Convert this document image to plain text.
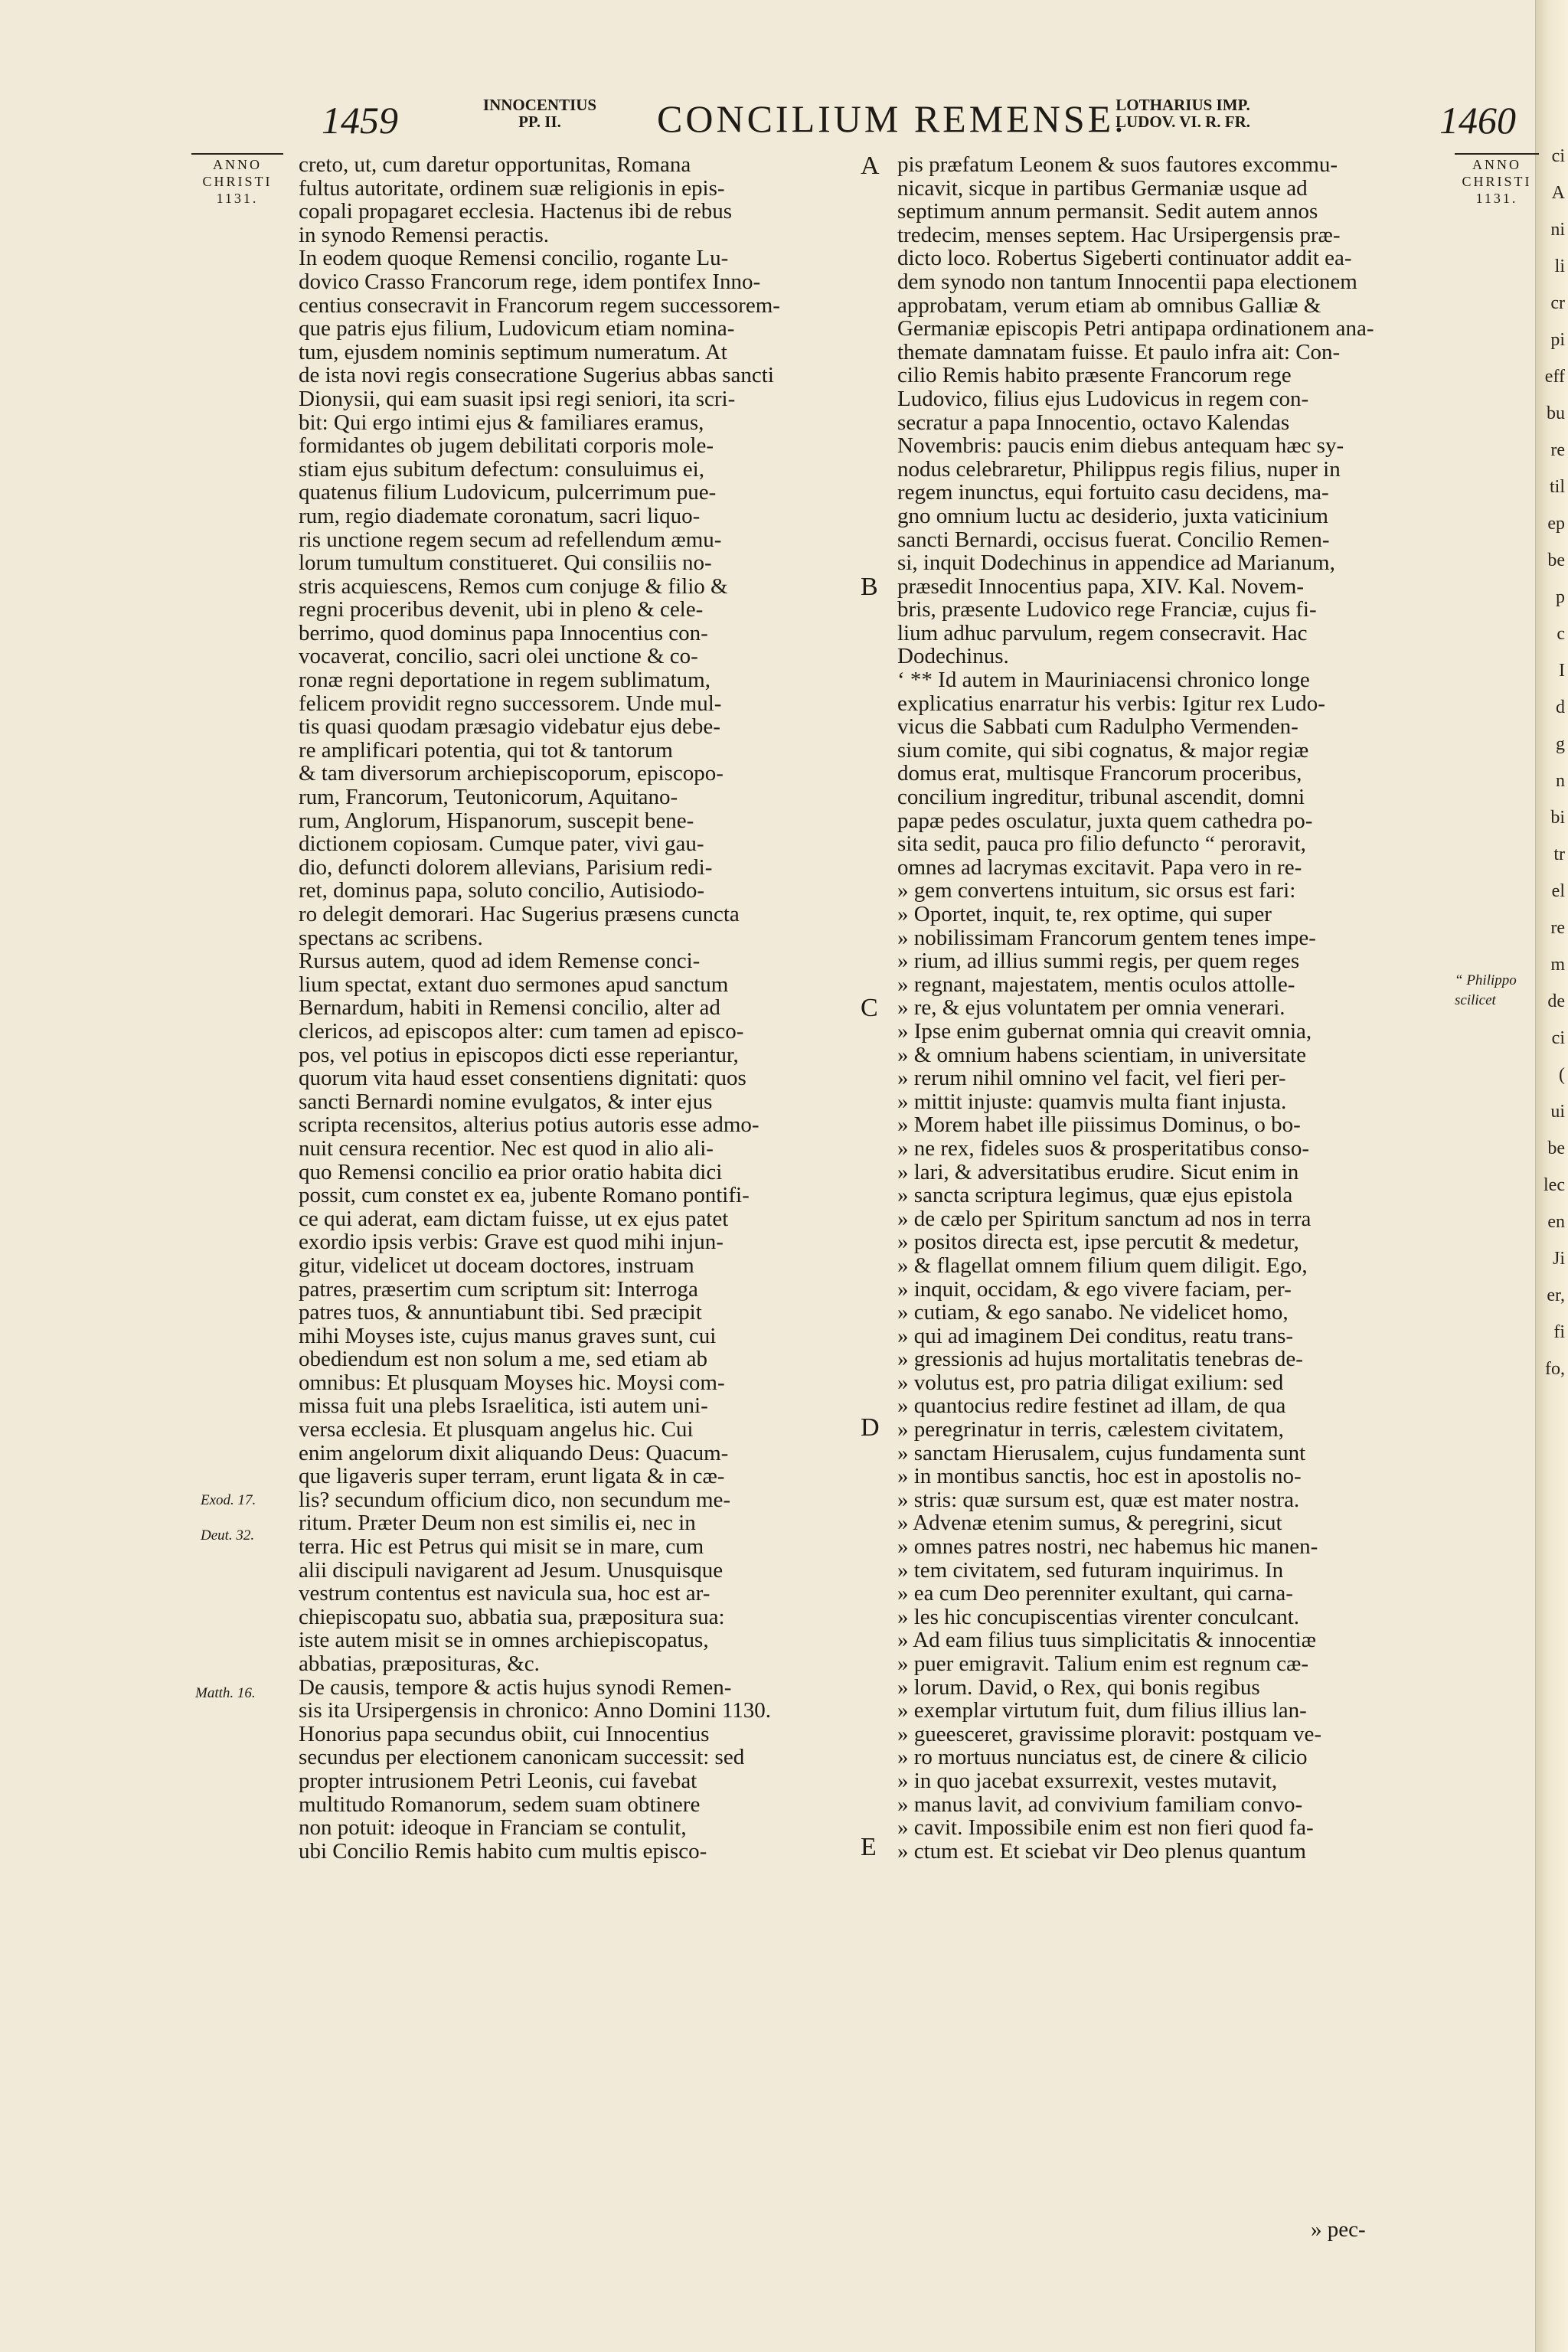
ci
A
ni
li
cr
pi
eff
bu
re
til
ep
be
p
c
I
d
g
n
bi
tr
el
re
m
de
ci
(
ui
be
lec
en
Ji
er,
fi
fo,
1459	INNOCENTIUS
PP. II.	CONCILIUM REMENSE.
LOTHARIUS IMP.
LUDOV. VI. R. FR.	1460
ANNO
CHRISTI
1131.
ANNO
CHRISTI
1131.
Exod. 17.
Deut. 32.
Matth. 16.
“ Philippo
scilicet
A
B
C
D
E
creto, ut, cum daretur opportunitas, Romana
fultus autoritate, ordinem suæ religionis in epis-
copali propagaret ecclesia. Hactenus ibi de rebus
in synodo Remensi peractis.
In eodem quoque Remensi concilio, rogante Lu-
dovico Crasso Francorum rege, idem pontifex Inno-
centius consecravit in Francorum regem successorem-
que patris ejus filium, Ludovicum etiam nomina-
tum, ejusdem nominis septimum numeratum. At
de ista novi regis consecratione Sugerius abbas sancti
Dionysii, qui eam suasit ipsi regi seniori, ita scri-
bit: Qui ergo intimi ejus & familiares eramus,
formidantes ob jugem debilitati corporis mole-
stiam ejus subitum defectum: consuluimus ei,
quatenus filium Ludovicum, pulcerrimum pue-
rum, regio diademate coronatum, sacri liquo-
ris unctione regem secum ad refellendum æmu-
lorum tumultum constitueret. Qui consiliis no-
stris acquiescens, Remos cum conjuge & filio &
regni proceribus devenit, ubi in pleno & cele-
berrimo, quod dominus papa Innocentius con-
vocaverat, concilio, sacri olei unctione & co-
ronæ regni deportatione in regem sublimatum,
felicem providit regno successorem. Unde mul-
tis quasi quodam præsagio videbatur ejus debe-
re amplificari potentia, qui tot & tantorum
& tam diversorum archiepiscoporum, episcopo-
rum, Francorum, Teutonicorum, Aquitano-
rum, Anglorum, Hispanorum, suscepit bene-
dictionem copiosam. Cumque pater, vivi gau-
dio, defuncti dolorem allevians, Parisium redi-
ret, dominus papa, soluto concilio, Autisiodo-
ro delegit demorari. Hac Sugerius præsens cuncta
spectans ac scribens.
Rursus autem, quod ad idem Remense conci-
lium spectat, extant duo sermones apud sanctum
Bernardum, habiti in Remensi concilio, alter ad
clericos, ad episcopos alter: cum tamen ad episco-
pos, vel potius in episcopos dicti esse reperiantur,
quorum vita haud esset consentiens dignitati: quos
sancti Bernardi nomine evulgatos, & inter ejus
scripta recensitos, alterius potius autoris esse admo-
nuit censura recentior. Nec est quod in alio ali-
quo Remensi concilio ea prior oratio habita dici
possit, cum constet ex ea, jubente Romano pontifi-
ce qui aderat, eam dictam fuisse, ut ex ejus patet
exordio ipsis verbis: Grave est quod mihi injun-
gitur, videlicet ut doceam doctores, instruam
patres, præsertim cum scriptum sit: Interroga
patres tuos, & annuntiabunt tibi. Sed præcipit
mihi Moyses iste, cujus manus graves sunt, cui
obediendum est non solum a me, sed etiam ab
omnibus: Et plusquam Moyses hic. Moysi com-
missa fuit una plebs Israelitica, isti autem uni-
versa ecclesia. Et plusquam angelus hic. Cui
enim angelorum dixit aliquando Deus: Quacum-
que ligaveris super terram, erunt ligata & in cæ-
lis? secundum officium dico, non secundum me-
ritum. Præter Deum non est similis ei, nec in
terra. Hic est Petrus qui misit se in mare, cum
alii discipuli navigarent ad Jesum. Unusquisque
vestrum contentus est navicula sua, hoc est ar-
chiepiscopatu suo, abbatia sua, præpositura sua:
iste autem misit se in omnes archiepiscopatus,
abbatias, præposituras, &c.
De causis, tempore & actis hujus synodi Remen-
sis ita Ursipergensis in chronico: Anno Domini 1130.
Honorius papa secundus obiit, cui Innocentius
secundus per electionem canonicam successit: sed
propter intrusionem Petri Leonis, cui favebat
multitudo Romanorum, sedem suam obtinere
non potuit: ideoque in Franciam se contulit,
ubi Concilio Remis habito cum multis episco-
pis præfatum Leonem & suos fautores excommu-
nicavit, sicque in partibus Germaniæ usque ad
septimum annum permansit. Sedit autem annos
tredecim, menses septem. Hac Ursipergensis præ-
dicto loco. Robertus Sigeberti continuator addit ea-
dem synodo non tantum Innocentii papa electionem
approbatam, verum etiam ab omnibus Galliæ &
Germaniæ episcopis Petri antipapa ordinationem ana-
themate damnatam fuisse. Et paulo infra ait: Con-
cilio Remis habito præsente Francorum rege
Ludovico, filius ejus Ludovicus in regem con-
secratur a papa Innocentio, octavo Kalendas
Novembris: paucis enim diebus antequam hæc sy-
nodus celebraretur, Philippus regis filius, nuper in
regem inunctus, equi fortuito casu decidens, ma-
gno omnium luctu ac desiderio, juxta vaticinium
sancti Bernardi, occisus fuerat. Concilio Remen-
si, inquit Dodechinus in appendice ad Marianum,
præsedit Innocentius papa, XIV. Kal. Novem-
bris, præsente Ludovico rege Franciæ, cujus fi-
lium adhuc parvulum, regem consecravit. Hac
Dodechinus.
‘ ** Id autem in Mauriniacensi chronico longe
explicatius enarratur his verbis: Igitur rex Ludo-
vicus die Sabbati cum Radulpho Vermenden-
sium comite, qui sibi cognatus, & major regiæ
domus erat, multisque Francorum proceribus,
concilium ingreditur, tribunal ascendit, domni
papæ pedes osculatur, juxta quem cathedra po-
sita sedit, pauca pro filio defuncto “ peroravit,
omnes ad lacrymas excitavit. Papa vero in re-
» gem convertens intuitum, sic orsus est fari:
» Oportet, inquit, te, rex optime, qui super
» nobilissimam Francorum gentem tenes impe-
» rium, ad illius summi regis, per quem reges
» regnant, majestatem, mentis oculos attolle-
» re, & ejus voluntatem per omnia venerari.
» Ipse enim gubernat omnia qui creavit omnia,
» & omnium habens scientiam, in universitate
» rerum nihil omnino vel facit, vel fieri per-
» mittit injuste: quamvis multa fiant injusta.
» Morem habet ille piissimus Dominus, o bo-
» ne rex, fideles suos & prosperitatibus conso-
» lari, & adversitatibus erudire. Sicut enim in
» sancta scriptura legimus, quæ ejus epistola
» de cælo per Spiritum sanctum ad nos in terra
» positos directa est, ipse percutit & medetur,
» & flagellat omnem filium quem diligit. Ego,
» inquit, occidam, & ego vivere faciam, per-
» cutiam, & ego sanabo. Ne videlicet homo,
» qui ad imaginem Dei conditus, reatu trans-
» gressionis ad hujus mortalitatis tenebras de-
» volutus est, pro patria diligat exilium: sed
» quantocius redire festinet ad illam, de qua
» peregrinatur in terris, cælestem civitatem,
» sanctam Hierusalem, cujus fundamenta sunt
» in montibus sanctis, hoc est in apostolis no-
» stris: quæ sursum est, quæ est mater nostra.
» Advenæ etenim sumus, & peregrini, sicut
» omnes patres nostri, nec habemus hic manen-
» tem civitatem, sed futuram inquirimus. In
» ea cum Deo perenniter exultant, qui carna-
» les hic concupiscentias virenter conculcant.
» Ad eam filius tuus simplicitatis & innocentiæ
» puer emigravit. Talium enim est regnum cæ-
» lorum. David, o Rex, qui bonis regibus
» exemplar virtutum fuit, dum filius illius lan-
» gueesceret, gravissime ploravit: postquam ve-
» ro mortuus nunciatus est, de cinere & cilicio
» in quo jacebat exsurrexit, vestes mutavit,
» manus lavit, ad convivium familiam convo-
» cavit. Impossibile enim est non fieri quod fa-
» ctum est. Et sciebat vir Deo plenus quantum
» pec-
